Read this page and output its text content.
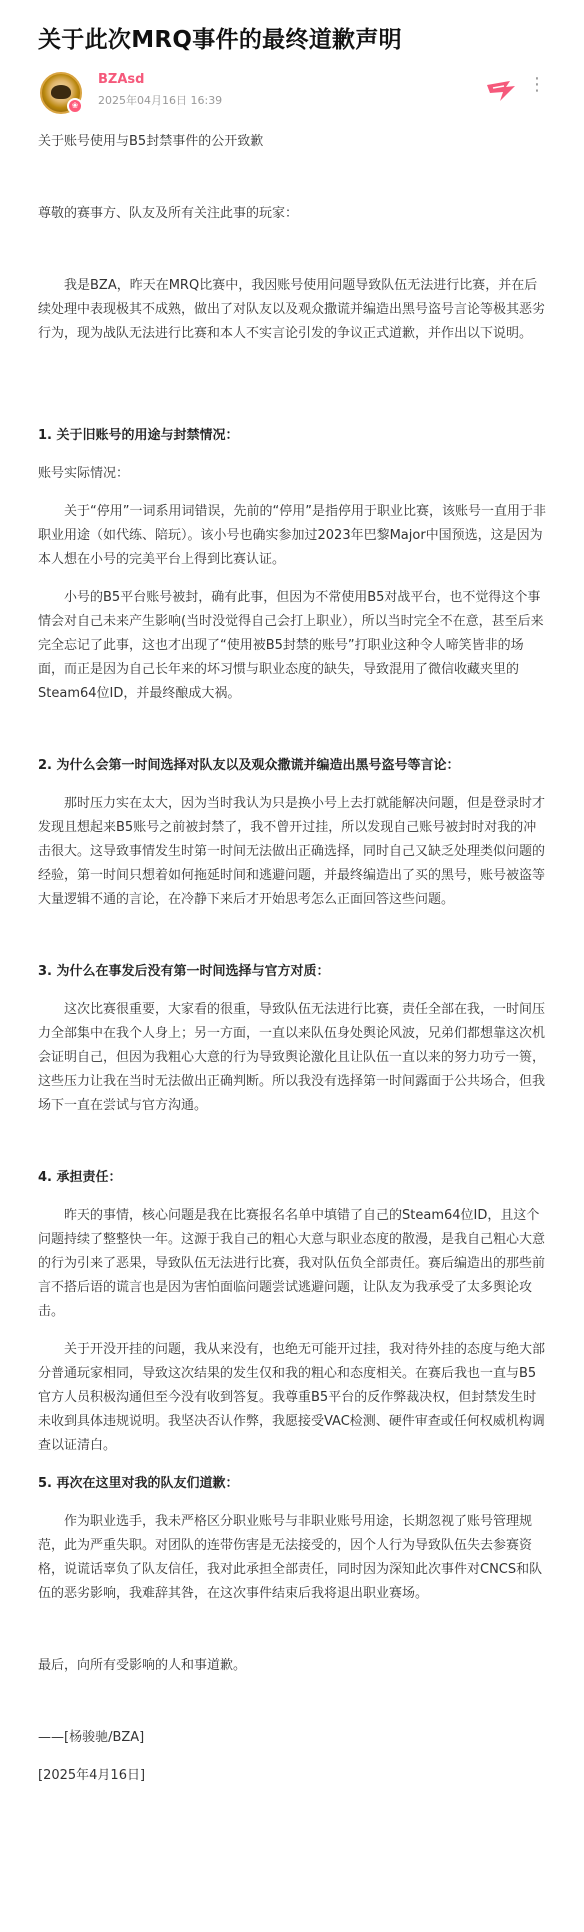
关于此次MRQ事件的最终道歉声明
❀
BZAsd
2025年04月16日 16:39
⋮

关于账号使用与B5封禁事件的公开致歉

尊敬的赛事方、队友及所有关注此事的玩家：

我是BZA，昨天在MRQ比赛中，我因账号使用问题导致队伍无法进行比赛，并在后续处理中表现极其不成熟，做出了对队友以及观众撒谎并编造出黑号盗号言论等极其恶劣行为，现为战队无法进行比赛和本人不实言论引发的争议正式道歉，并作出以下说明。

1. 关于旧账号的用途与封禁情况：

账号实际情况：

关于“停用”一词系用词错误，先前的“停用”是指停用于职业比赛，该账号一直用于非职业用途（如代练、陪玩）。该小号也确实参加过2023年巴黎Major中国预选，这是因为本人想在小号的完美平台上得到比赛认证。

小号的B5平台账号被封，确有此事，但因为不常使用B5对战平台，也不觉得这个事情会对自己未来产生影响(当时没觉得自己会打上职业），所以当时完全不在意，甚至后来完全忘记了此事，这也才出现了“使用被B5封禁的账号”打职业这种令人啼笑皆非的场面，而正是因为自己长年来的坏习惯与职业态度的缺失，导致混用了微信收藏夹里的Steam64位ID，并最终酿成大祸。

2. 为什么会第一时间选择对队友以及观众撒谎并编造出黑号盗号等言论：

那时压力实在太大，因为当时我认为只是换小号上去打就能解决问题，但是登录时才发现且想起来B5账号之前被封禁了，我不曾开过挂，所以发现自己账号被封时对我的冲击很大。这导致事情发生时第一时间无法做出正确选择，同时自己又缺乏处理类似问题的经验，第一时间只想着如何拖延时间和逃避问题，并最终编造出了买的黑号，账号被盗等大量逻辑不通的言论，在冷静下来后才开始思考怎么正面回答这些问题。

3. 为什么在事发后没有第一时间选择与官方对质：

这次比赛很重要，大家看的很重，导致队伍无法进行比赛，责任全部在我，一时间压力全部集中在我个人身上；另一方面，一直以来队伍身处舆论风波，兄弟们都想靠这次机会证明自己，但因为我粗心大意的行为导致舆论激化且让队伍一直以来的努力功亏一篑，这些压力让我在当时无法做出正确判断。所以我没有选择第一时间露面于公共场合，但我场下一直在尝试与官方沟通。

4. 承担责任：

昨天的事情，核心问题是我在比赛报名名单中填错了自己的Steam64位ID，且这个问题持续了整整快一年。这源于我自己的粗心大意与职业态度的散漫，是我自己粗心大意的行为引来了恶果，导致队伍无法进行比赛，我对队伍负全部责任。赛后编造出的那些前言不搭后语的谎言也是因为害怕面临问题尝试逃避问题，让队友为我承受了太多舆论攻击。

关于开没开挂的问题，我从来没有，也绝无可能开过挂，我对待外挂的态度与绝大部分普通玩家相同，导致这次结果的发生仅和我的粗心和态度相关。在赛后我也一直与B5官方人员积极沟通但至今没有收到答复。我尊重B5平台的反作弊裁决权，但封禁发生时未收到具体违规说明。我坚决否认作弊，我愿接受VAC检测、硬件审查或任何权威机构调查以证清白。

5. 再次在这里对我的队友们道歉：

作为职业选手，我未严格区分职业账号与非职业账号用途，长期忽视了账号管理规范，此为严重失职。对团队的连带伤害是无法接受的，因个人行为导致队伍失去参赛资格，说谎话辜负了队友信任，我对此承担全部责任，同时因为深知此次事件对CNCS和队伍的恶劣影响，我难辞其咎，在这次事件结束后我将退出职业赛场。

最后，向所有受影响的人和事道歉。

——[杨骏驰/BZA]

[2025年4月16日]
